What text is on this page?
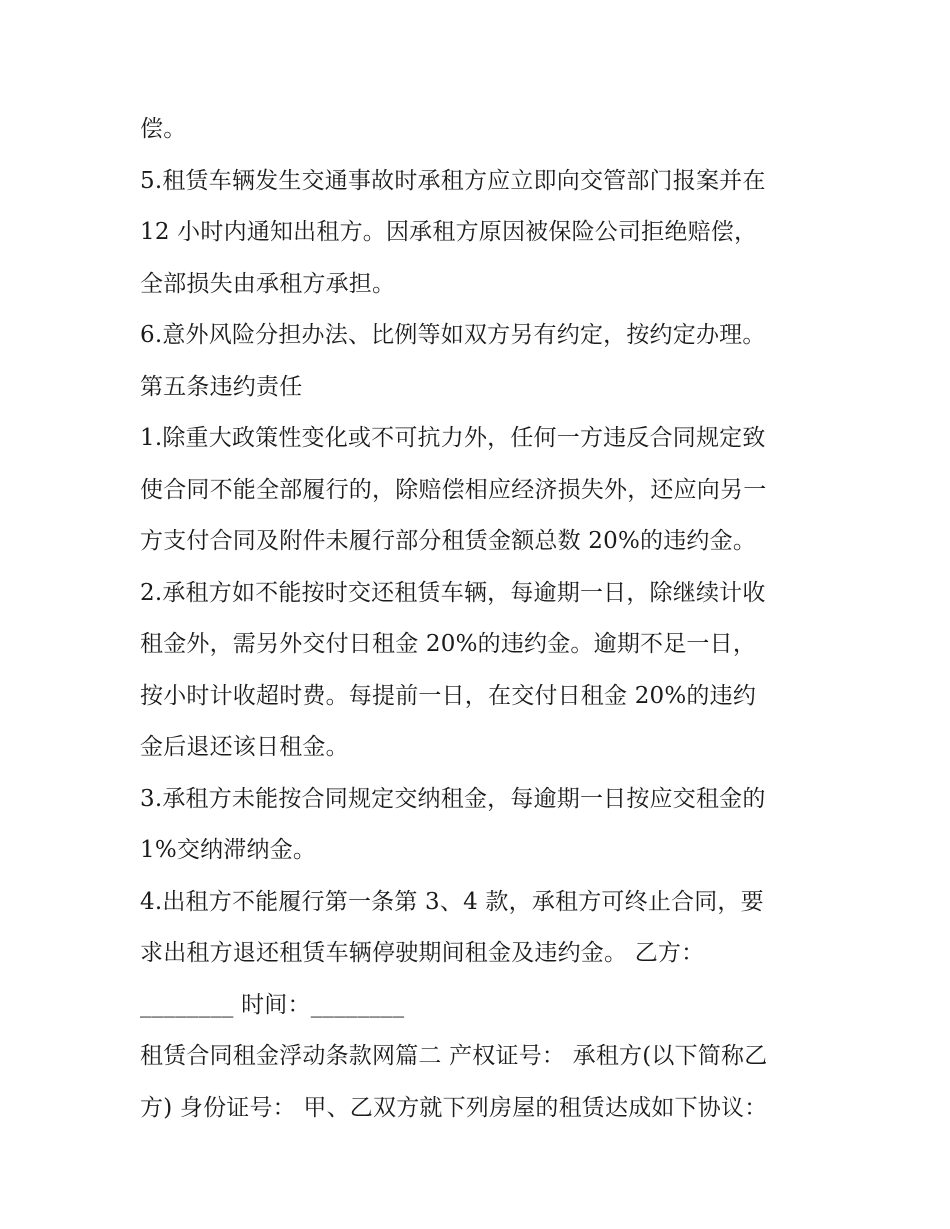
偿。
5.租赁车辆发生交通事故时承租方应立即向交管部门报案并在
12 小时内通知出租方。因承租方原因被保险公司拒绝赔偿，
全部损失由承租方承担。
6.意外风险分担办法、比例等如双方另有约定，按约定办理。
第五条违约责任
1.除重大政策性变化或不可抗力外，任何一方违反合同规定致
使合同不能全部履行的，除赔偿相应经济损失外，还应向另一
方支付合同及附件未履行部分租赁金额总数 20%的违约金。
2.承租方如不能按时交还租赁车辆，每逾期一日，除继续计收
租金外，需另外交付日租金 20%的违约金。逾期不足一日，
按小时计收超时费。每提前一日，在交付日租金 20%的违约
金后退还该日租金。
3.承租方未能按合同规定交纳租金，每逾期一日按应交租金的
1%交纳滞纳金。
4.出租方不能履行第一条第 3、4 款，承租方可终止合同，要
求出租方退还租赁车辆停驶期间租金及违约金。 乙方：
________ 时间：________
租赁合同租金浮动条款网篇二 产权证号： 承租方(以下简称乙
方) 身份证号： 甲、乙双方就下列房屋的租赁达成如下协议：
